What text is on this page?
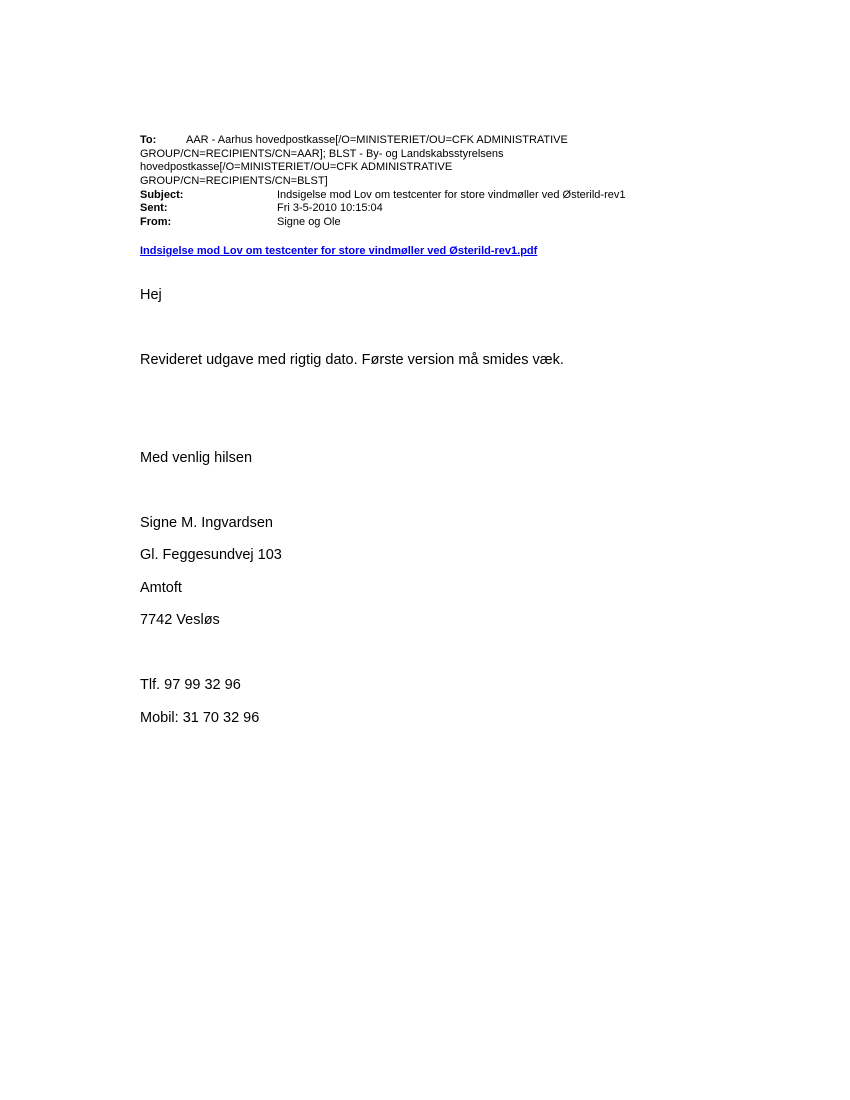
To:	AAR - Aarhus hovedpostkasse[/O=MINISTERIET/OU=CFK ADMINISTRATIVE
GROUP/CN=RECIPIENTS/CN=AAR]; BLST - By- og Landskabsstyrelsens
hovedpostkasse[/O=MINISTERIET/OU=CFK ADMINISTRATIVE
GROUP/CN=RECIPIENTS/CN=BLST]
Subject:	Indsigelse mod Lov om testcenter for store vindmøller ved Østerild-rev1
Sent:	Fri 3-5-2010 10:15:04
From:	Signe og Ole
Indsigelse mod Lov om testcenter for store vindmøller ved Østerild-rev1.pdf
Hej
Revideret udgave med rigtig dato. Første version må smides væk.
Med venlig hilsen
Signe M. Ingvardsen
Gl. Feggesundvej 103
Amtoft
7742 Vesløs
Tlf. 97 99 32 96
Mobil: 31 70 32 96
